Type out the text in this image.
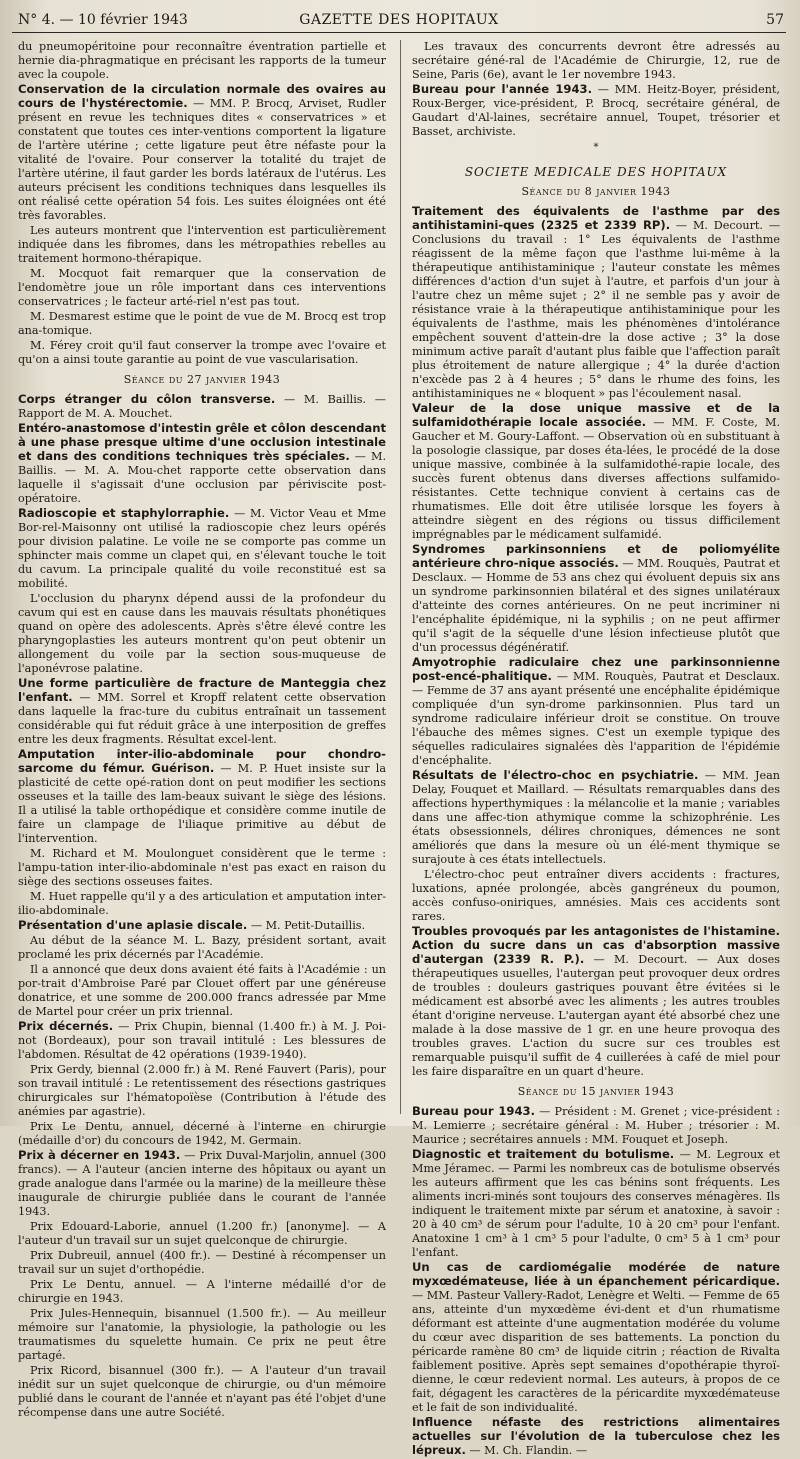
N° 4. — 10 février 1943	GAZETTE DES HOPITAUX	57

du pneumopéritoine pour reconnaître éventration partielle et hernie dia-phragmatique en précisant les rapports de la tumeur avec la coupole.

Conservation de la circulation normale des ovaires au cours de l'hystérectomie. — MM. P. Brocq, Arviset, Rudler présent en revue les techniques dites « conservatrices » et constatent que toutes ces inter-ventions comportent la ligature de l'artère utérine ; cette ligature peut être néfaste pour la vitalité de l'ovaire. Pour conserver la totalité du trajet de l'artère utérine, il faut garder les bords latéraux de l'utérus. Les auteurs précisent les conditions techniques dans lesquelles ils ont réalisé cette opération 54 fois. Les suites éloignées ont été très favorables.

Les auteurs montrent que l'intervention est particulièrement indiquée dans les fibromes, dans les métropathies rebelles au traitement hormono-thérapique.

M. Mocquot fait remarquer que la conservation de l'endomètre joue un rôle important dans ces interventions conservatrices ; le facteur arté-riel n'est pas tout.

M. Desmarest estime que le point de vue de M. Brocq est trop ana-tomique.

M. Férey croit qu'il faut conserver la trompe avec l'ovaire et qu'on a ainsi toute garantie au point de vue vascularisation.

Séance du 27 janvier 1943

Corps étranger du côlon transverse. — M. Baillis. — Rapport de M. A. Mouchet.

Entéro-anastomose d'intestin grêle et côlon descendant à une phase presque ultime d'une occlusion intestinale et dans des conditions techniques très spéciales. — M. Baillis. — M. A. Mou-chet rapporte cette observation dans laquelle il s'agissait d'une occlusion par périviscite post-opératoire.

Radioscopie et staphylorraphie. — M. Victor Veau et Mme Bor-rel-Maisonny ont utilisé la radioscopie chez leurs opérés pour division palatine. Le voile ne se comporte pas comme un sphincter mais comme un clapet qui, en s'élevant touche le toit du cavum. La principale qualité du voile reconstitué est sa mobilité.

L'occlusion du pharynx dépend aussi de la profondeur du cavum qui est en cause dans les mauvais résultats phonétiques quand on opère des adolescents. Après s'être élevé contre les pharyngoplasties les auteurs montrent qu'on peut obtenir un allongement du voile par la section sous-muqueuse de l'aponévrose palatine.

Une forme particulière de fracture de Manteggia chez l'enfant. — MM. Sorrel et Kropff relatent cette observation dans laquelle la frac-ture du cubitus entraînait un tassement considérable qui fut réduit grâce à une interposition de greffes entre les deux fragments. Résultat excel-lent.

Amputation inter-ilio-abdominale pour chondro-sarcome du fémur. Guérison. — M. P. Huet insiste sur la plasticité de cette opé-ration dont on peut modifier les sections osseuses et la taille des lam-beaux suivant le siège des lésions. Il a utilisé la table orthopédique et considère comme inutile de faire un clampage de l'iliaque primitive au début de l'intervention.

M. Richard et M. Moulonguet considèrent que le terme : l'ampu-tation inter-ilio-abdominale n'est pas exact en raison du siège des sections osseuses faites.

M. Huet rappelle qu'il y a des articulation et amputation inter-ilio-abdominale.

Présentation d'une aplasie discale. — M. Petit-Dutaillis.

Au début de la séance M. L. Bazy, président sortant, avait proclamé les prix décernés par l'Académie.

Il a annoncé que deux dons avaient été faits à l'Académie : un por-trait d'Ambroise Paré par Clouet offert par une généreuse donatrice, et une somme de 200.000 francs adressée par Mme de Martel pour créer un prix triennal.

Prix décernés. — Prix Chupin, biennal (1.400 fr.) à M. J. Poi-not (Bordeaux), pour son travail intitulé : Les blessures de l'abdomen. Résultat de 42 opérations (1939-1940).

Prix Gerdy, biennal (2.000 fr.) à M. René Fauvert (Paris), pour son travail intitulé : Le retentissement des résections gastriques chirurgicales sur l'hématopoïèse (Contribution à l'étude des anémies par agastrie).

Prix Le Dentu, annuel, décerné à l'interne en chirurgie (médaille d'or) du concours de 1942, M. Germain.

Prix à décerner en 1943. — Prix Duval-Marjolin, annuel (300 francs). — A l'auteur (ancien interne des hôpitaux ou ayant un grade analogue dans l'armée ou la marine) de la meilleure thèse inaugurale de chirurgie publiée dans le courant de l'année 1943.

Prix Edouard-Laborie, annuel (1.200 fr.) [anonyme]. — A l'auteur d'un travail sur un sujet quelconque de chirurgie.

Prix Dubreuil, annuel (400 fr.). — Destiné à récompenser un travail sur un sujet d'orthopédie.

Prix Le Dentu, annuel. — A l'interne médaillé d'or de chirurgie en 1943.

Prix Jules-Hennequin, bisannuel (1.500 fr.). — Au meilleur mémoire sur l'anatomie, la physiologie, la pathologie ou les traumatismes du squelette humain. Ce prix ne peut être partagé.

Prix Ricord, bisannuel (300 fr.). — A l'auteur d'un travail inédit sur un sujet quelconque de chirurgie, ou d'un mémoire publié dans le courant de l'année et n'ayant pas été l'objet d'une récompense dans une autre Société.

Les travaux des concurrents devront être adressés au secrétaire géné-ral de l'Académie de Chirurgie, 12, rue de Seine, Paris (6e), avant le 1er novembre 1943.

Bureau pour l'année 1943. — MM. Heitz-Boyer, président, Roux-Berger, vice-président, P. Brocq, secrétaire général, de Gaudart d'Al-laines, secrétaire annuel, Toupet, trésorier et Basset, archiviste.

*
SOCIETE MEDICALE DES HOPITAUX
Séance du 8 janvier 1943

Traitement des équivalents de l'asthme par des antihistamini-ques (2325 et 2339 RP). — M. Decourt. — Conclusions du travail : 1° Les équivalents de l'asthme réagissent de la même façon que l'asthme lui-même à la thérapeutique antihistaminique ; l'auteur constate les mêmes différences d'action d'un sujet à l'autre, et parfois d'un jour à l'autre chez un même sujet ; 2° il ne semble pas y avoir de résistance vraie à la thérapeutique antihistaminique pour les équivalents de l'asthme, mais les phénomènes d'intolérance empêchent souvent d'attein-dre la dose active ; 3° la dose minimum active paraît d'autant plus faible que l'affection paraît plus étroitement de nature allergique ; 4° la durée d'action n'excède pas 2 à 4 heures ; 5° dans le rhume des foins, les antihistaminiques ne « bloquent » pas l'écoulement nasal.

Valeur de la dose unique massive et de la sulfamidothérapie locale associée. — MM. F. Coste, M. Gaucher et M. Goury-Laffont. — Observation où en substituant à la posologie classique, par doses éta-lées, le procédé de la dose unique massive, combinée à la sulfamidothé-rapie locale, des succès furent obtenus dans diverses affections sulfamido-résistantes. Cette technique convient à certains cas de rhumatismes. Elle doit être utilisée lorsque les foyers à atteindre siègent en des régions ou tissus difficilement imprégnables par le médicament sulfamidé.

Syndromes parkinsonniens et de poliomyélite antérieure chro-nique associés. — MM. Rouquès, Pautrat et Desclaux. — Homme de 53 ans chez qui évoluent depuis six ans un syndrome parkinsonnien bilatéral et des signes unilatéraux d'atteinte des cornes antérieures. On ne peut incriminer ni l'encéphalite épidémique, ni la syphilis ; on ne peut affirmer qu'il s'agit de la séquelle d'une lésion infectieuse plutôt que d'un processus dégénératif.

Amyotrophie radiculaire chez une parkinsonnienne post-encé-phalitique. — MM. Rouquès, Pautrat et Desclaux. — Femme de 37 ans ayant présenté une encéphalite épidémique compliquée d'un syn-drome parkinsonnien. Plus tard un syndrome radiculaire inférieur droit se constitue. On trouve l'ébauche des mêmes signes. C'est un exemple typique des séquelles radiculaires signalées dès l'apparition de l'épidémie d'encéphalite.

Résultats de l'électro-choc en psychiatrie. — MM. Jean Delay, Fouquet et Maillard. — Résultats remarquables dans des affections hyperthymiques : la mélancolie et la manie ; variables dans une affec-tion athymique comme la schizophrénie. Les états obsessionnels, délires chroniques, démences ne sont améliorés que dans la mesure où un élé-ment thymique se surajoute à ces états intellectuels.

L'électro-choc peut entraîner divers accidents : fractures, luxations, apnée prolongée, abcès gangréneux du poumon, accès confuso-oniriques, amnésies. Mais ces accidents sont rares.

Troubles provoqués par les antagonistes de l'histamine. Action du sucre dans un cas d'absorption massive d'autergan (2339 R. P.). — M. Decourt. — Aux doses thérapeutiques usuelles, l'autergan peut provoquer deux ordres de troubles : douleurs gastriques pouvant être évitées si le médicament est absorbé avec les aliments ; les autres troubles étant d'origine nerveuse. L'autergan ayant été absorbé chez une malade à la dose massive de 1 gr. en une heure provoqua des troubles graves. L'action du sucre sur ces troubles est remarquable puisqu'il suffit de 4 cuillerées à café de miel pour les faire disparaître en un quart d'heure.

Séance du 15 janvier 1943

Bureau pour 1943. — Président : M. Grenet ; vice-président : M. Lemierre ; secrétaire général : M. Huber ; trésorier : M. Maurice ; secrétaires annuels : MM. Fouquet et Joseph.

Diagnostic et traitement du botulisme. — M. Legroux et Mme Jéramec. — Parmi les nombreux cas de botulisme observés les auteurs affirment que les cas bénins sont fréquents. Les aliments incri-minés sont toujours des conserves ménagères. Ils indiquent le traitement mixte par sérum et anatoxine, à savoir : 20 à 40 cm³ de sérum pour l'adulte, 10 à 20 cm³ pour l'enfant. Anatoxine 1 cm³ à 1 cm³ 5 pour l'adulte, 0 cm³ 5 à 1 cm³ pour l'enfant.

Un cas de cardiomégalie modérée de nature myxœdémateuse, liée à un épanchement péricardique. — MM. Pasteur Vallery-Radot, Lenègre et Welti. — Femme de 65 ans, atteinte d'un myxœdème évi-dent et d'un rhumatisme déformant est atteinte d'une augmentation modérée du volume du cœur avec disparition de ses battements. La ponction du péricarde ramène 80 cm³ de liquide citrin ; réaction de Rivalta faiblement positive. Après sept semaines d'opothérapie thyroï-dienne, le cœur redevient normal. Les auteurs, à propos de ce fait, dégagent les caractères de la péricardite myxœdémateuse et le fait de son individualité.

Influence néfaste des restrictions alimentaires actuelles sur l'évolution de la tuberculose chez les lépreux. — M. Ch. Flandin. —
